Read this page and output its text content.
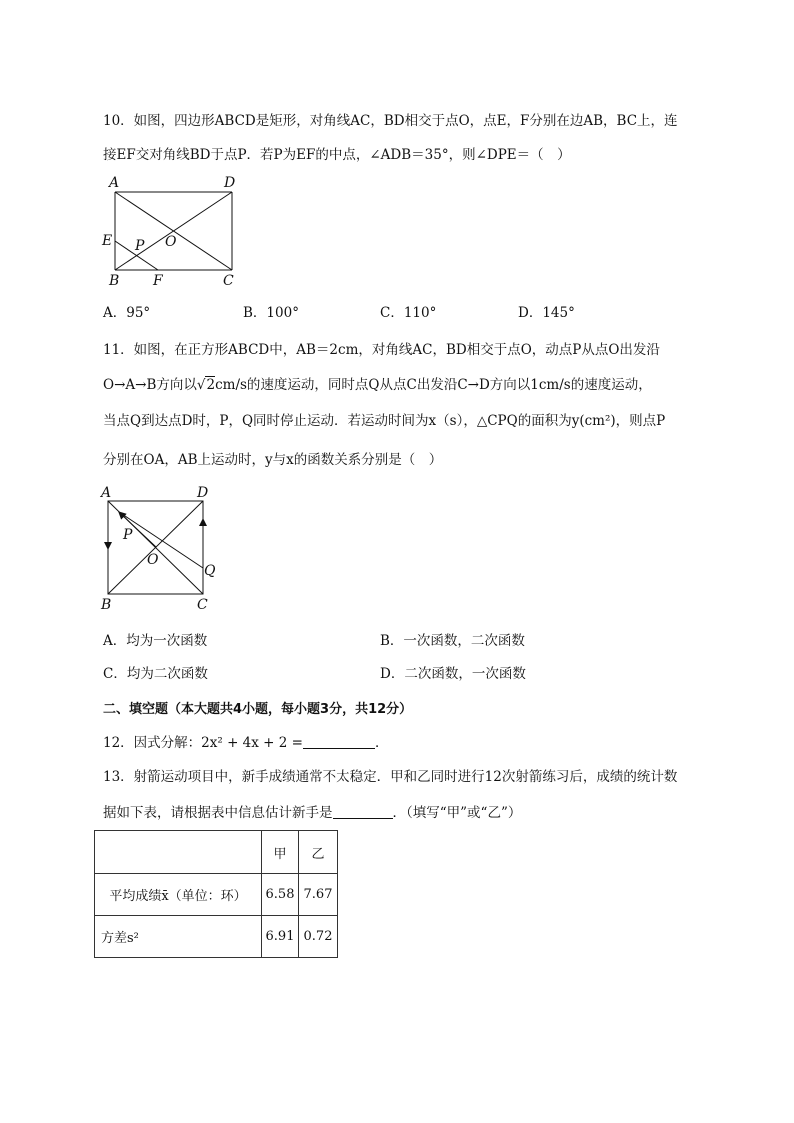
10．如图，四边形ABCD是矩形，对角线AC，BD相交于点O，点E，F分别在边AB，BC上，连
接EF交对角线BD于点P．若P为EF的中点，∠ADB＝35°，则∠DPE＝（　）
A	D
E P O
B F	C
A．95°	B．100°	C．110°	D．145°
11．如图，在正方形ABCD中，AB＝2cm，对角线AC，BD相交于点O，动点P从点O出发沿
O→A→B方向以√2cm/s的速度运动，同时点Q从点C出发沿C→D方向以1cm/s的速度运动，
当点Q到达点D时，P，Q同时停止运动．若运动时间为x（s），△CPQ的面积为y(cm²)，则点P
分别在OA，AB上运动时，y与x的函数关系分别是（　）
A	D
P
O
Q
B	C
A．均为一次函数	B．一次函数，二次函数
C．均为二次函数	D．二次函数，一次函数
二、填空题（本大题共4小题，每小题3分，共12分）
12．因式分解：2x² + 4x + 2 =	．
13．射箭运动项目中，新手成绩通常不太稳定．甲和乙同时进行12次射箭练习后，成绩的统计数
据如下表，请根据表中信息估计新手是	．（填写“甲”或“乙”）
	甲	乙
平均成绩x̄（单位：环）	6.58	7.67
方差s²	6.91	0.72
